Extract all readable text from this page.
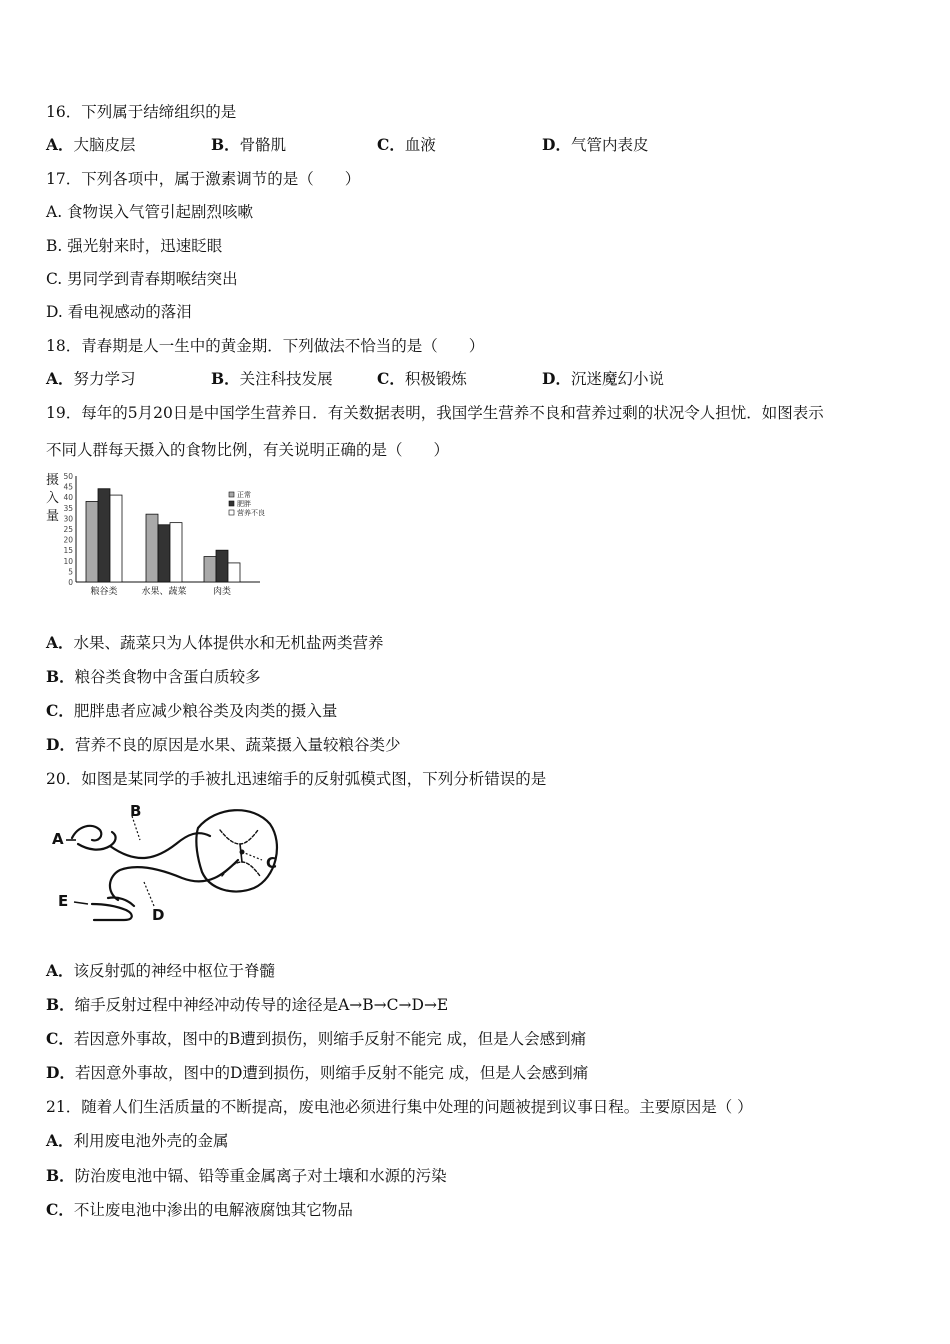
16．下列属于结缔组织的是
A．大脑皮层	B．骨骼肌	C．血液	D．气管内表皮
17．下列各项中，属于激素调节的是（　　）
A. 食物误入气管引起剧烈咳嗽
B. 强光射来时，迅速眨眼
C. 男同学到青春期喉结突出
D. 看电视感动的落泪
18．青春期是人一生中的黄金期．下列做法不恰当的是（　　）
A．努力学习	B．关注科技发展	C．积极锻炼	D．沉迷魔幻小说
19．每年的5月20日是中国学生营养日．有关数据表明，我国学生营养不良和营养过剩的状况令人担忧．如图表示
不同人群每天摄入的食物比例，有关说明正确的是（　　）
摄
入
量
0
5
10
15
20
25
30
35
40
45
50
粮谷类	水果、蔬菜	肉类
正常
肥胖
营养不良
A．水果、蔬菜只为人体提供水和无机盐两类营养
B．粮谷类食物中含蛋白质较多
C．肥胖患者应减少粮谷类及肉类的摄入量
D．营养不良的原因是水果、蔬菜摄入量较粮谷类少
20．如图是某同学的手被扎迅速缩手的反射弧模式图，下列分析错误的是
A
B
C
D
E
A．该反射弧的神经中枢位于脊髓
B．缩手反射过程中神经冲动传导的途径是A→B→C→D→E
C．若因意外事故，图中的B遭到损伤，则缩手反射不能完 成，但是人会感到痛
D．若因意外事故，图中的D遭到损伤，则缩手反射不能完 成，但是人会感到痛
21．随着人们生活质量的不断提高，废电池必须进行集中处理的问题被提到议事日程。主要原因是（ ）
A．利用废电池外壳的金属
B．防治废电池中镉、铅等重金属离子对土壤和水源的污染
C．不让废电池中渗出的电解液腐蚀其它物品
